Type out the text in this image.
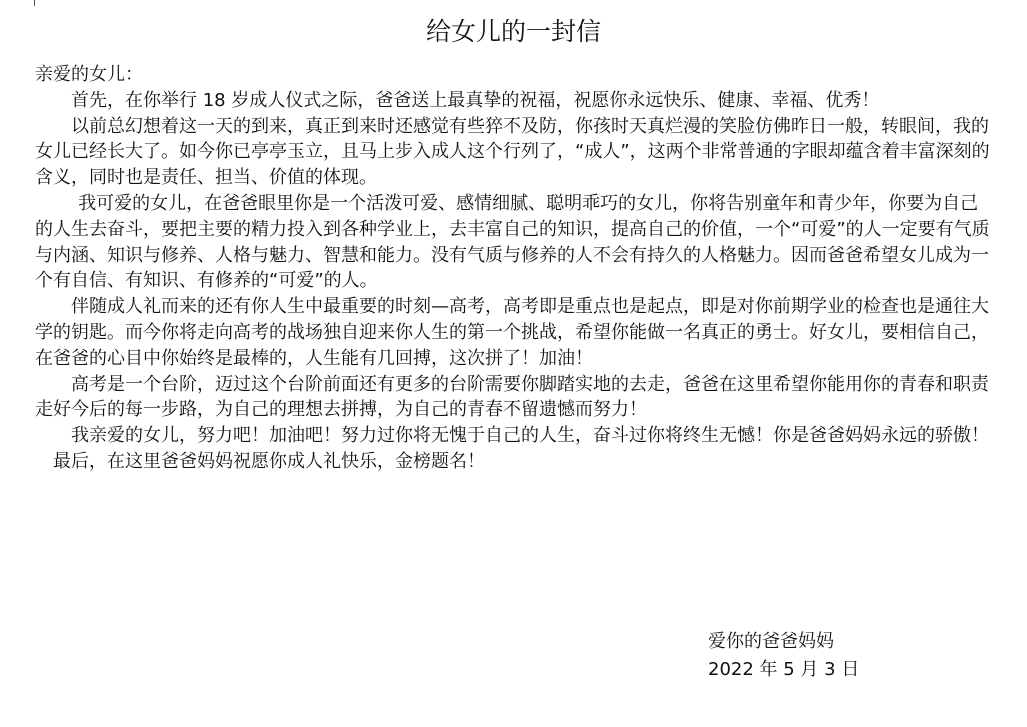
给女儿的一封信

亲爱的女儿：

首先，在你举行 18 岁成人仪式之际，爸爸送上最真挚的祝福，祝愿你永远快乐、健康、幸福、优秀！

以前总幻想着这一天的到来，真正到来时还感觉有些猝不及防，你孩时天真烂漫的笑脸仿佛昨日一般，转眼间，我的女儿已经长大了。如今你已亭亭玉立，且马上步入成人这个行列了，“成人”，这两个非常普通的字眼却蕴含着丰富深刻的含义，同时也是责任、担当、价值的体现。

我可爱的女儿，在爸爸眼里你是一个活泼可爱、感情细腻、聪明乖巧的女儿，你将告别童年和青少年，你要为自己的人生去奋斗，要把主要的精力投入到各种学业上，去丰富自己的知识，提高自己的价值，一个“可爱”的人一定要有气质与内涵、知识与修养、人格与魅力、智慧和能力。没有气质与修养的人不会有持久的人格魅力。因而爸爸希望女儿成为一个有自信、有知识、有修养的“可爱”的人。

伴随成人礼而来的还有你人生中最重要的时刻—高考，高考即是重点也是起点，即是对你前期学业的检查也是通往大学的钥匙。而今你将走向高考的战场独自迎来你人生的第一个挑战，希望你能做一名真正的勇士。好女儿，要相信自己，在爸爸的心目中你始终是最棒的，人生能有几回搏，这次拼了！加油！

高考是一个台阶，迈过这个台阶前面还有更多的台阶需要你脚踏实地的去走，爸爸在这里希望你能用你的青春和职责走好今后的每一步路，为自己的理想去拼搏，为自己的青春不留遗憾而努力！

我亲爱的女儿，努力吧！加油吧！努力过你将无愧于自己的人生，奋斗过你将终生无憾！你是爸爸妈妈永远的骄傲！

最后，在这里爸爸妈妈祝愿你成人礼快乐，金榜题名！

爱你的爸爸妈妈
2022 年 5 月 3 日
